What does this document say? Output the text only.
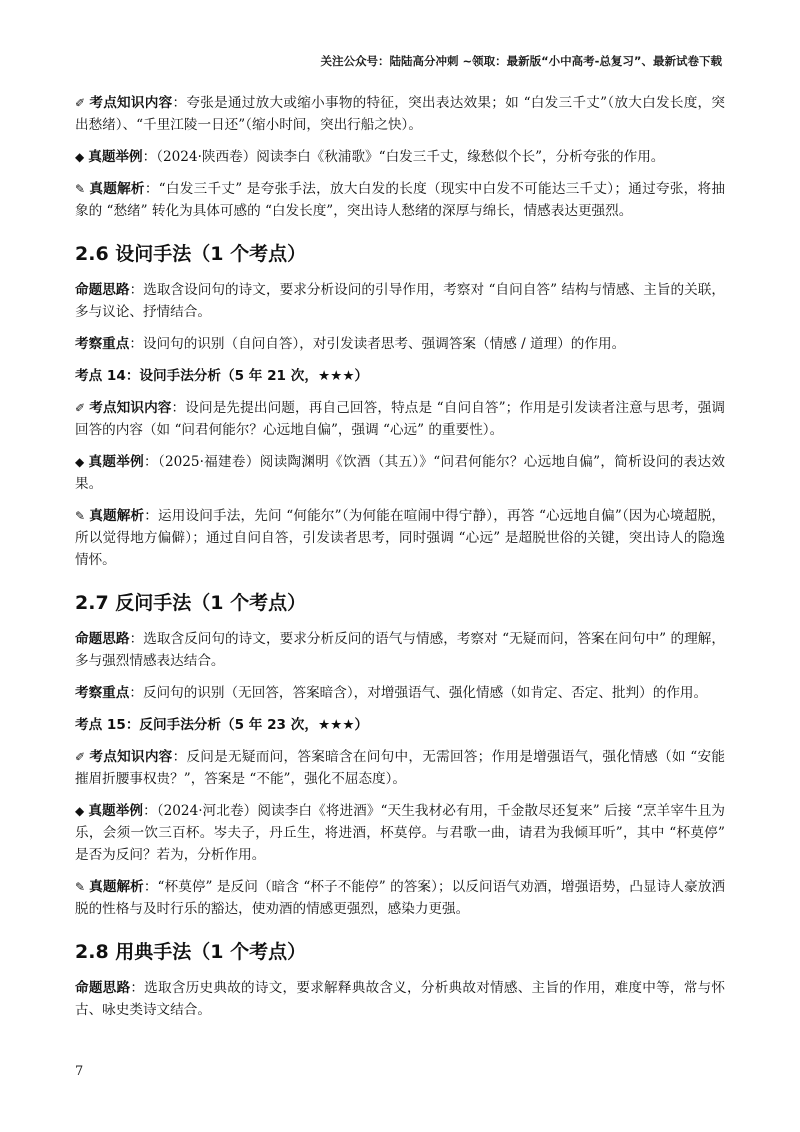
关注公众号：陆陆高分冲刺 ~领取：最新版“小中高考-总复习”、最新试卷下载

✐ 考点知识内容：夸张是通过放大或缩小事物的特征，突出表达效果；如 “白发三千丈”（放大白发长度，突出愁绪）、“千里江陵一日还”（缩小时间，突出行船之快）。

◆ 真题举例：（2024·陕西卷）阅读李白《秋浦歌》“白发三千丈，缘愁似个长”，分析夸张的作用。

✎ 真题解析：“白发三千丈” 是夸张手法，放大白发的长度（现实中白发不可能达三千丈）；通过夸张，将抽象的 “愁绪” 转化为具体可感的 “白发长度”，突出诗人愁绪的深厚与绵长，情感表达更强烈。

2.6 设问手法（1 个考点）

命题思路：选取含设问句的诗文，要求分析设问的引导作用，考察对 “自问自答” 结构与情感、主旨的关联，多与议论、抒情结合。

考察重点：设问句的识别（自问自答），对引发读者思考、强调答案（情感 / 道理）的作用。

考点 14：设问手法分析（5 年 21 次，★★★）

✐ 考点知识内容：设问是先提出问题，再自己回答，特点是 “自问自答”；作用是引发读者注意与思考，强调回答的内容（如 “问君何能尔？心远地自偏”，强调 “心远” 的重要性）。

◆ 真题举例：（2025·福建卷）阅读陶渊明《饮酒（其五）》“问君何能尔？心远地自偏”，简析设问的表达效果。

✎ 真题解析：运用设问手法，先问 “何能尔”（为何能在喧闹中得宁静），再答 “心远地自偏”（因为心境超脱，所以觉得地方偏僻）；通过自问自答，引发读者思考，同时强调 “心远” 是超脱世俗的关键，突出诗人的隐逸情怀。

2.7 反问手法（1 个考点）

命题思路：选取含反问句的诗文，要求分析反问的语气与情感，考察对 “无疑而问，答案在问句中” 的理解，多与强烈情感表达结合。

考察重点：反问句的识别（无回答，答案暗含），对增强语气、强化情感（如肯定、否定、批判）的作用。

考点 15：反问手法分析（5 年 23 次，★★★）

✐ 考点知识内容：反问是无疑而问，答案暗含在问句中，无需回答；作用是增强语气，强化情感（如 “安能摧眉折腰事权贵？”，答案是 “不能”，强化不屈态度）。

◆ 真题举例：（2024·河北卷）阅读李白《将进酒》“天生我材必有用，千金散尽还复来” 后接 “烹羊宰牛且为乐，会须一饮三百杯。岑夫子，丹丘生，将进酒，杯莫停。与君歌一曲，请君为我倾耳听”，其中 “杯莫停” 是否为反问？若为，分析作用。

✎ 真题解析：“杯莫停” 是反问（暗含 “杯子不能停” 的答案）；以反问语气劝酒，增强语势，凸显诗人豪放洒脱的性格与及时行乐的豁达，使劝酒的情感更强烈，感染力更强。

2.8 用典手法（1 个考点）

命题思路：选取含历史典故的诗文，要求解释典故含义，分析典故对情感、主旨的作用，难度中等，常与怀古、咏史类诗文结合。

7
